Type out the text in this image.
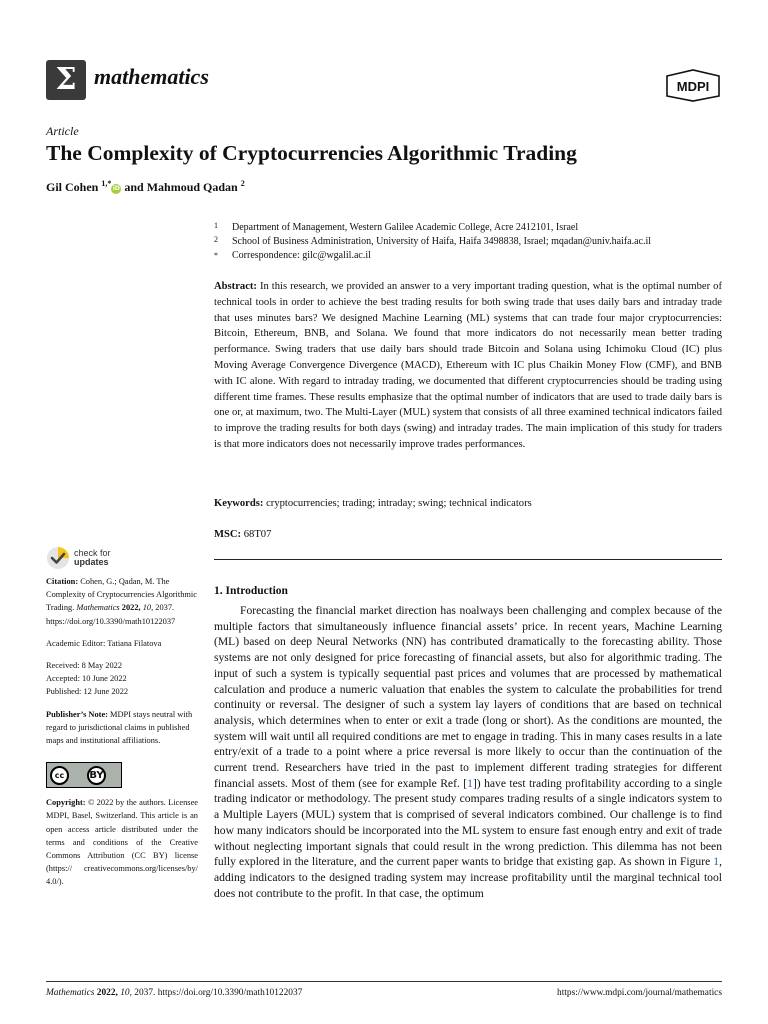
Σ mathematics	MDPI
Article
The Complexity of Cryptocurrencies Algorithmic Trading
Gil Cohen $^{1,*}$iD and Mahmoud Qadan $^2$
1 Department of Management, Western Galilee Academic College, Acre 2412101, Israel
2 School of Business Administration, University of Haifa, Haifa 3498838, Israel; mqadan@univ.haifa.ac.il
* Correspondence: gilc@wgalil.ac.il
Abstract: In this research, we provided an answer to a very important trading question, what is the optimal number of technical tools in order to achieve the best trading results for both swing trade that uses daily bars and intraday trade that uses minutes bars? We designed Machine Learning (ML) systems that can trade four major cryptocurrencies: Bitcoin, Ethereum, BNB, and Solana. We found that more indicators do not necessarily mean better trading performance. Swing traders that use daily bars should trade Bitcoin and Solana using Ichimoku Cloud (IC) plus Moving Average Convergence Divergence (MACD), Ethereum with IC plus Chaikin Money Flow (CMF), and BNB with IC alone. With regard to intraday trading, we documented that different cryptocurrencies should be trading using different time frames. These results emphasize that the optimal number of indicators that are used to trade daily bars is one or, at maximum, two. The Multi-Layer (MUL) system that consists of all three examined technical indicators failed to improve the trading results for both days (swing) and intraday trades. The main implication of this study for traders is that more indicators does not necessarily improve trades performances.
Keywords: cryptocurrencies; trading; intraday; swing; technical indicators
MSC: 68T07
check for
updates
Citation: Cohen, G.; Qadan, M. The Complexity of Cryptocurrencies Algorithmic Trading. Mathematics 2022, 10, 2037. https://doi.org/10.3390/math10122037
Academic Editor: Tatiana Filatova
Received: 8 May 2022
Accepted: 10 June 2022
Published: 12 June 2022
Publisher’s Note: MDPI stays neutral with regard to jurisdictional claims in published maps and institutional affiliations.
cc	BY
Copyright: © 2022 by the authors. Licensee MDPI, Basel, Switzerland. This article is an open access article distributed under the terms and conditions of the Creative Commons Attribution (CC BY) license (https:// creativecommons.org/licenses/by/ 4.0/).
1. Introduction
Forecasting the financial market direction has noalways been challenging and complex because of the multiple factors that simultaneously influence financial assets’ price. In recent years, Machine Learning (ML) based on deep Neural Networks (NN) has contributed dramatically to the forecasting ability. Those systems are not only designed for price forecasting of financial assets, but also for algorithmic trading. The input of such a system is typically sequential past prices and volumes that are processed by mathematical calculation and produce a numeric valuation that enables the system to calculate the probabilities for trend continuity or reversal. The designer of such a system lay layers of conditions that are based on technical analysis, which determines when to enter or exit a trade (long or short). As the conditions are mounted, the system will wait until all required conditions are met to engage in trading. This in many cases results in a late entry/exit of a trade to a point where a price reversal is more likely to occur than the continuation of the current trend. Researchers have tried in the past to implement different trading strategies for different financial assets. Most of them (see for example Ref. [1]) have test trading profitability according to a single trading indicator or methodology. The present study compares trading results of a single indicators system to a Multiple Layers (MUL) system that is comprised of several indicators combined. Our challenge is to find how many indicators should be incorporated into the ML system to ensure fast enough entry and exit of trade without neglecting important signals that could result in the wrong prediction. This dilemma has not been fully explored in the literature, and the current paper wants to bridge that existing gap. As shown in Figure 1, adding indicators to the designed trading system may increase profitability until the marginal technical tool does not contribute to the profit. In that case, the optimum
Mathematics 2022, 10, 2037. https://doi.org/10.3390/math10122037	https://www.mdpi.com/journal/mathematics
